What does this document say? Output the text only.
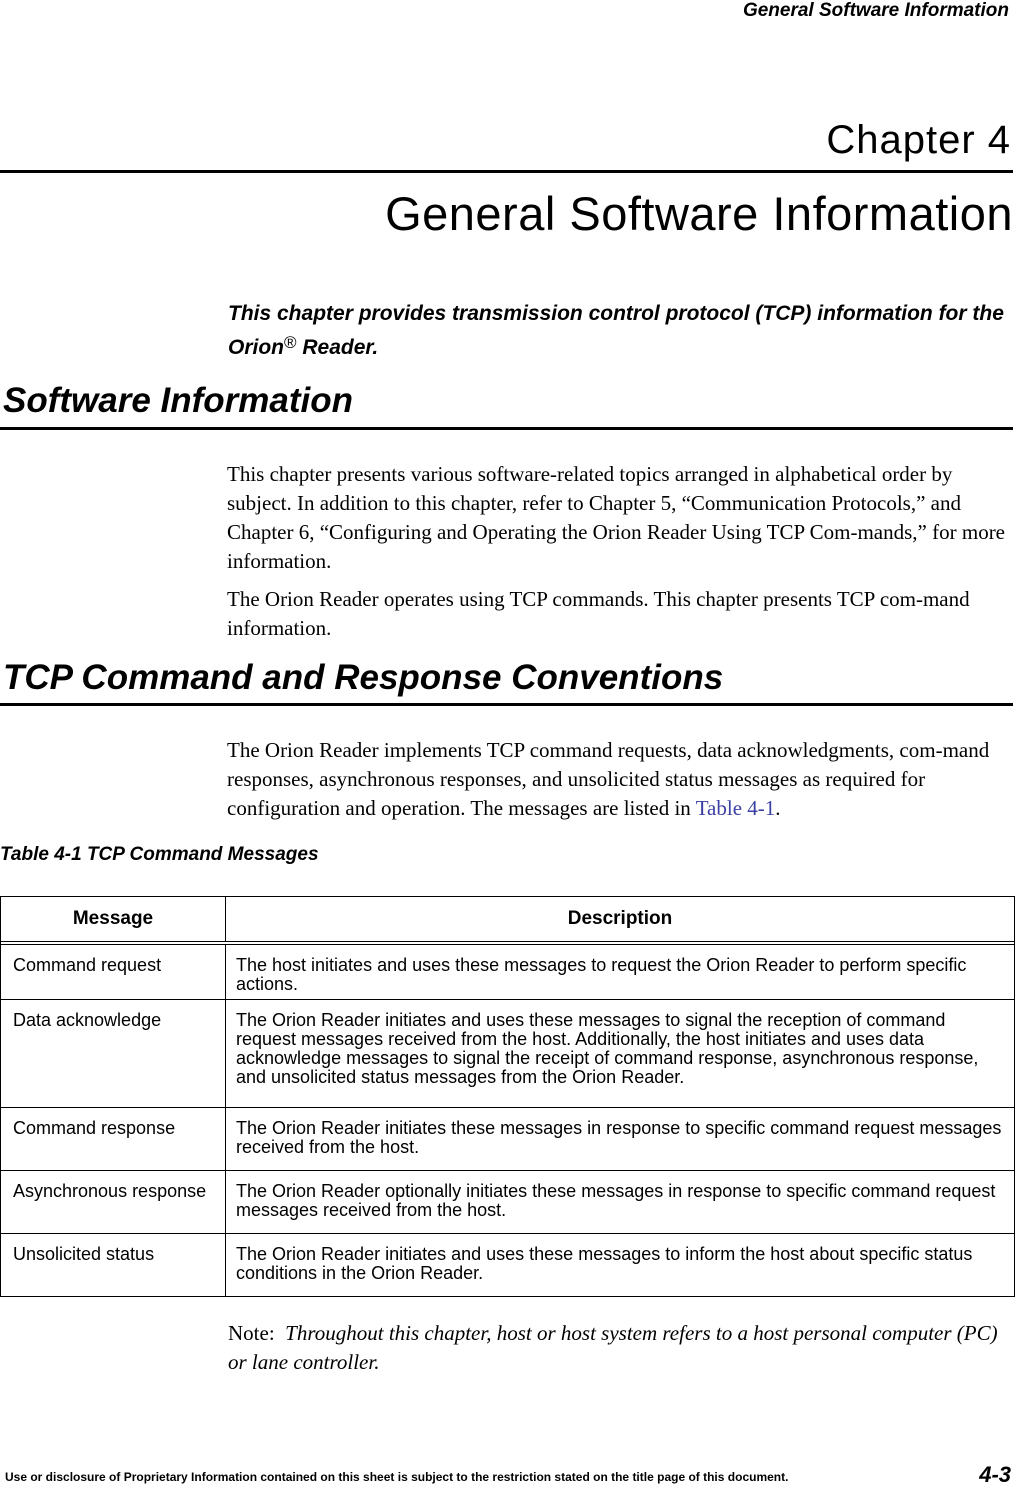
General Software Information
Chapter 4
General Software Information
This chapter provides transmission control protocol (TCP) information for the Orion® Reader.
Software Information

This chapter presents various software-related topics arranged in alphabetical order by subject. In addition to this chapter, refer to Chapter 5, “Communication Protocols,” and Chapter 6, “Configuring and Operating the Orion Reader Using TCP Com-mands,” for more information.

The Orion Reader operates using TCP commands. This chapter presents TCP com-mand information.

TCP Command and Response Conventions

The Orion Reader implements TCP command requests, data acknowledgments, com-mand responses, asynchronous responses, and unsolicited status messages as required for configuration and operation. The messages are listed in Table 4-1.

Table 4-1 TCP Command Messages
Message	Description
Command request	The host initiates and uses these messages to request the Orion Reader to perform specific actions.
Data acknowledge	The Orion Reader initiates and uses these messages to signal the reception of command request messages received from the host. Additionally, the host initiates and uses data acknowledge messages to signal the receipt of command response, asynchronous response, and unsolicited status messages from the Orion Reader.
Command response	The Orion Reader initiates these messages in response to specific command request messages received from the host.
Asynchronous response	The Orion Reader optionally initiates these messages in response to specific command request messages received from the host.
Unsolicited status	The Orion Reader initiates and uses these messages to inform the host about specific status conditions in the Orion Reader.
Note: Throughout this chapter, host or host system refers to a host personal computer (PC) or lane controller.
Use or disclosure of Proprietary Information contained on this sheet is subject to the restriction stated on the title page of this document.	4-3
